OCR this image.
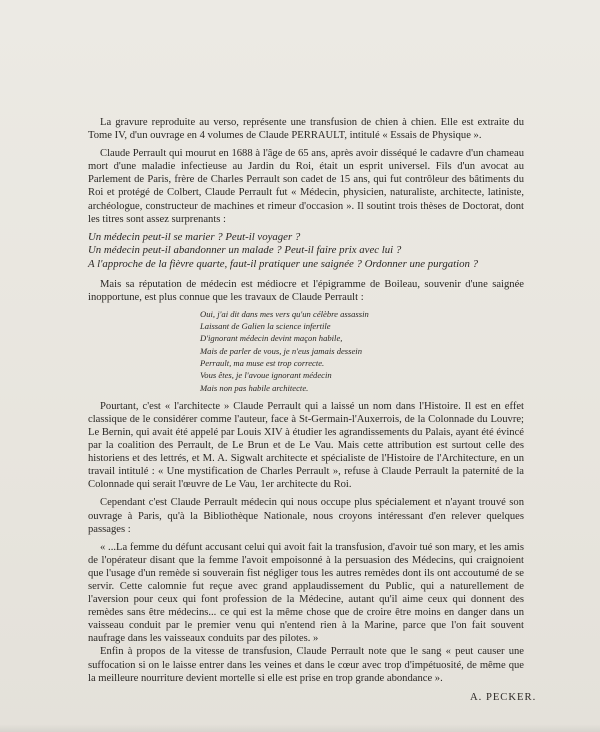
La gravure reproduite au verso, représente une transfusion de chien à chien. Elle est extraite du Tome IV, d'un ouvrage en 4 volumes de Claude PERRAULT, intitulé « Essais de Physique ».

Claude Perrault qui mourut en 1688 à l'âge de 65 ans, après avoir disséqué le cadavre d'un chameau mort d'une maladie infectieuse au Jardin du Roi, était un esprit universel. Fils d'un avocat au Parlement de Paris, frère de Charles Perrault son cadet de 15 ans, qui fut contrôleur des bâtiments du Roi et protégé de Colbert, Claude Perrault fut « Médecin, physicien, naturaliste, architecte, latiniste, archéologue, constructeur de machines et rimeur d'occasion ». Il soutint trois thèses de Doctorat, dont les titres sont assez surprenants :

Un médecin peut-il se marier ? Peut-il voyager ?
Un médecin peut-il abandonner un malade ? Peut-il faire prix avec lui ?
A l'approche de la fièvre quarte, faut-il pratiquer une saignée ? Ordonner une purgation ?

Mais sa réputation de médecin est médiocre et l'épigramme de Boileau, souvenir d'une saignée inopportune, est plus connue que les travaux de Claude Perrault :

Oui, j'ai dit dans mes vers qu'un célèbre assassin
Laissant de Galien la science infertile
D'ignorant médecin devint maçon habile,
Mais de parler de vous, je n'eus jamais dessein
Perrault, ma muse est trop correcte.
Vous êtes, je l'avoue ignorant médecin
Mais non pas habile architecte.

Pourtant, c'est « l'architecte » Claude Perrault qui a laissé un nom dans l'Histoire. Il est en effet classique de le considérer comme l'auteur, face à St-Germain-l'Auxerrois, de la Colonnade du Louvre; Le Bernin, qui avait été appelé par Louis XIV à étudier les agrandissements du Palais, ayant été évincé par la coalition des Perrault, de Le Brun et de Le Vau. Mais cette attribution est surtout celle des historiens et des lettrés, et M. A. Sigwalt architecte et spécialiste de l'Histoire de l'Architecture, en un travail intitulé : « Une mystification de Charles Perrault », refuse à Claude Perrault la paternité de la Colonnade qui serait l'œuvre de Le Vau, 1er architecte du Roi.

Cependant c'est Claude Perrault médecin qui nous occupe plus spécialement et n'ayant trouvé son ouvrage à Paris, qu'à la Bibliothèque Nationale, nous croyons intéressant d'en relever quelques passages :

« ...La femme du défunt accusant celui qui avoit fait la transfusion, d'avoir tué son mary, et les amis de l'opérateur disant que la femme l'avoit empoisonné à la persuasion des Médecins, qui craignoient que l'usage d'un remède si souverain fist négliger tous les autres remèdes dont ils ont accoutumé de se servir. Cette calomnie fut reçue avec grand applaudissement du Public, qui a naturellement de l'aversion pour ceux qui font profession de la Médecine, autant qu'il aime ceux qui donnent des remèdes sans être médecins... ce qui est la même chose que de croire être moins en danger dans un vaisseau conduit par le premier venu qui n'entend rien à la Marine, parce que l'on fait souvent naufrage dans les vaisseaux conduits par des pilotes. »

Enfin à propos de la vitesse de transfusion, Claude Perrault note que le sang « peut causer une suffocation si on le laisse entrer dans les veines et dans le cœur avec trop d'impétuosité, de même que la meilleure nourriture devient mortelle si elle est prise en trop grande abondance ».

A. PECKER.
